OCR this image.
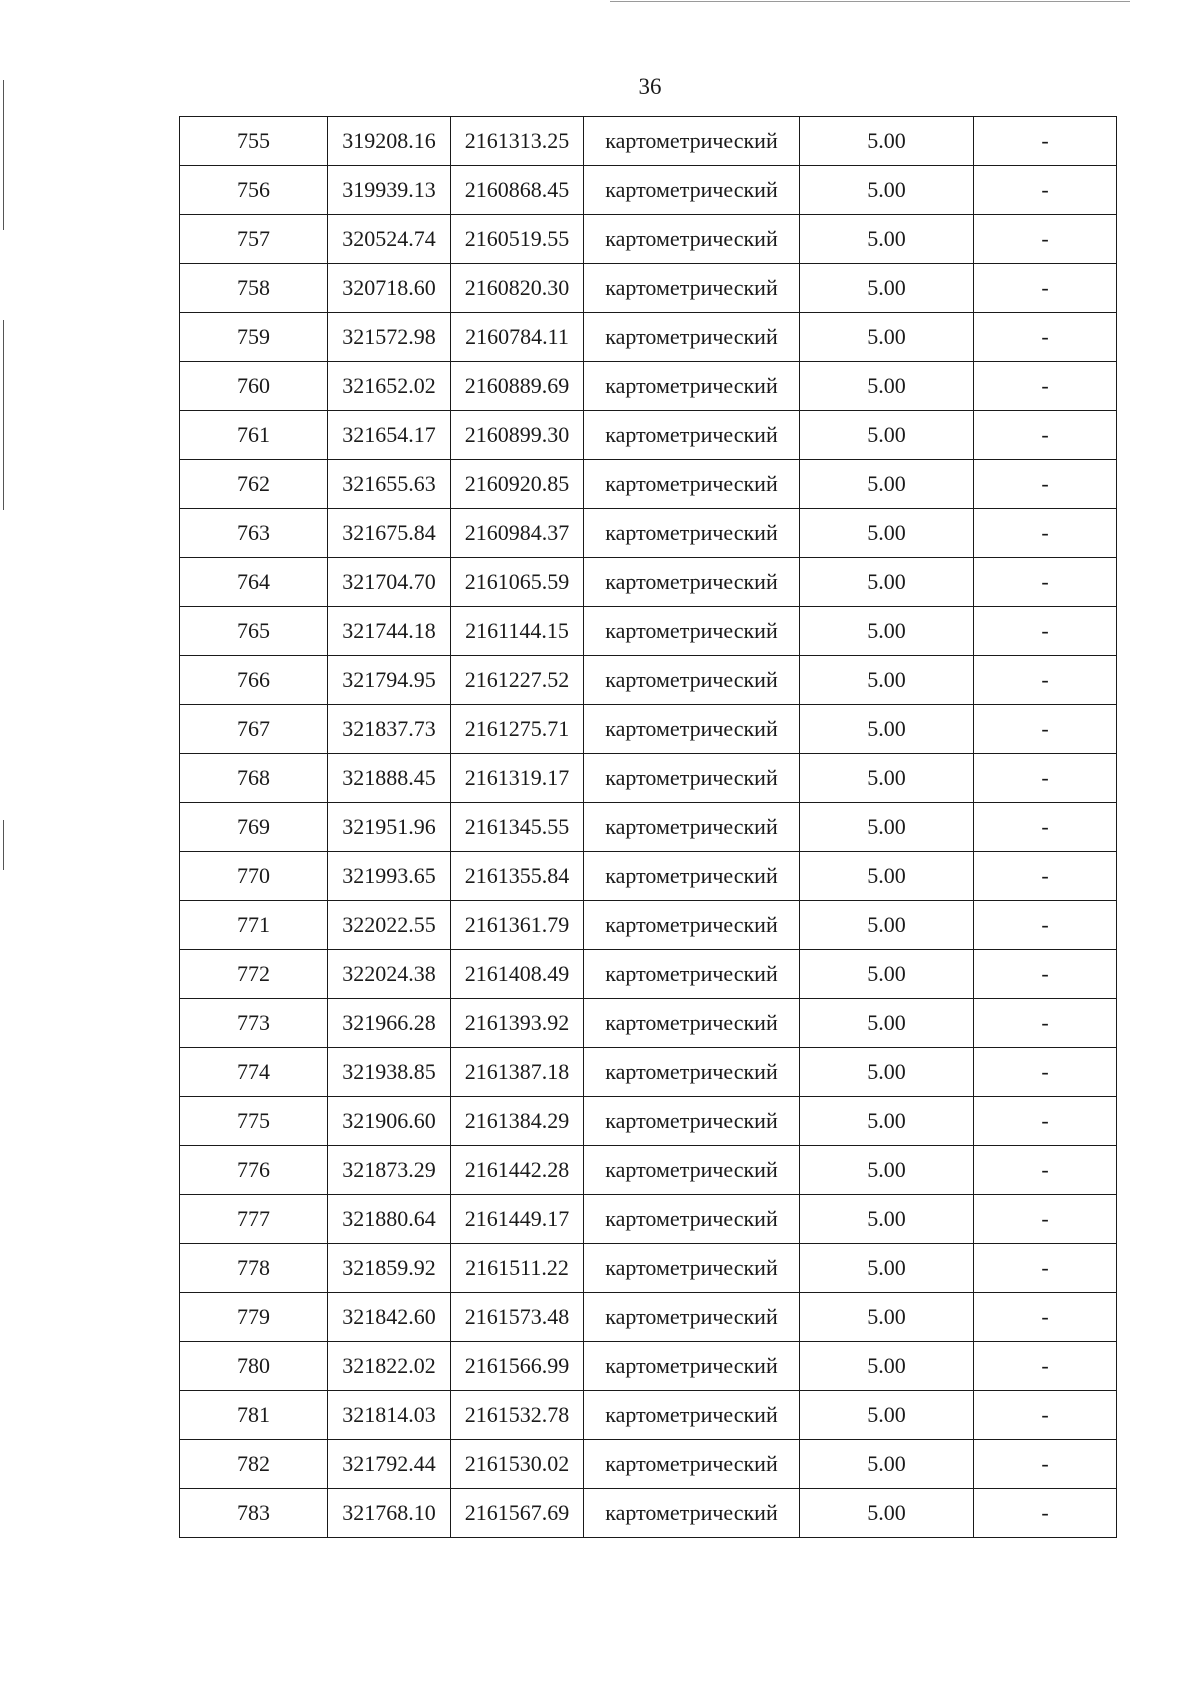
36
755	319208.16	2161313.25	картометрический	5.00	-
756	319939.13	2160868.45	картометрический	5.00	-
757	320524.74	2160519.55	картометрический	5.00	-
758	320718.60	2160820.30	картометрический	5.00	-
759	321572.98	2160784.11	картометрический	5.00	-
760	321652.02	2160889.69	картометрический	5.00	-
761	321654.17	2160899.30	картометрический	5.00	-
762	321655.63	2160920.85	картометрический	5.00	-
763	321675.84	2160984.37	картометрический	5.00	-
764	321704.70	2161065.59	картометрический	5.00	-
765	321744.18	2161144.15	картометрический	5.00	-
766	321794.95	2161227.52	картометрический	5.00	-
767	321837.73	2161275.71	картометрический	5.00	-
768	321888.45	2161319.17	картометрический	5.00	-
769	321951.96	2161345.55	картометрический	5.00	-
770	321993.65	2161355.84	картометрический	5.00	-
771	322022.55	2161361.79	картометрический	5.00	-
772	322024.38	2161408.49	картометрический	5.00	-
773	321966.28	2161393.92	картометрический	5.00	-
774	321938.85	2161387.18	картометрический	5.00	-
775	321906.60	2161384.29	картометрический	5.00	-
776	321873.29	2161442.28	картометрический	5.00	-
777	321880.64	2161449.17	картометрический	5.00	-
778	321859.92	2161511.22	картометрический	5.00	-
779	321842.60	2161573.48	картометрический	5.00	-
780	321822.02	2161566.99	картометрический	5.00	-
781	321814.03	2161532.78	картометрический	5.00	-
782	321792.44	2161530.02	картометрический	5.00	-
783	321768.10	2161567.69	картометрический	5.00	-
